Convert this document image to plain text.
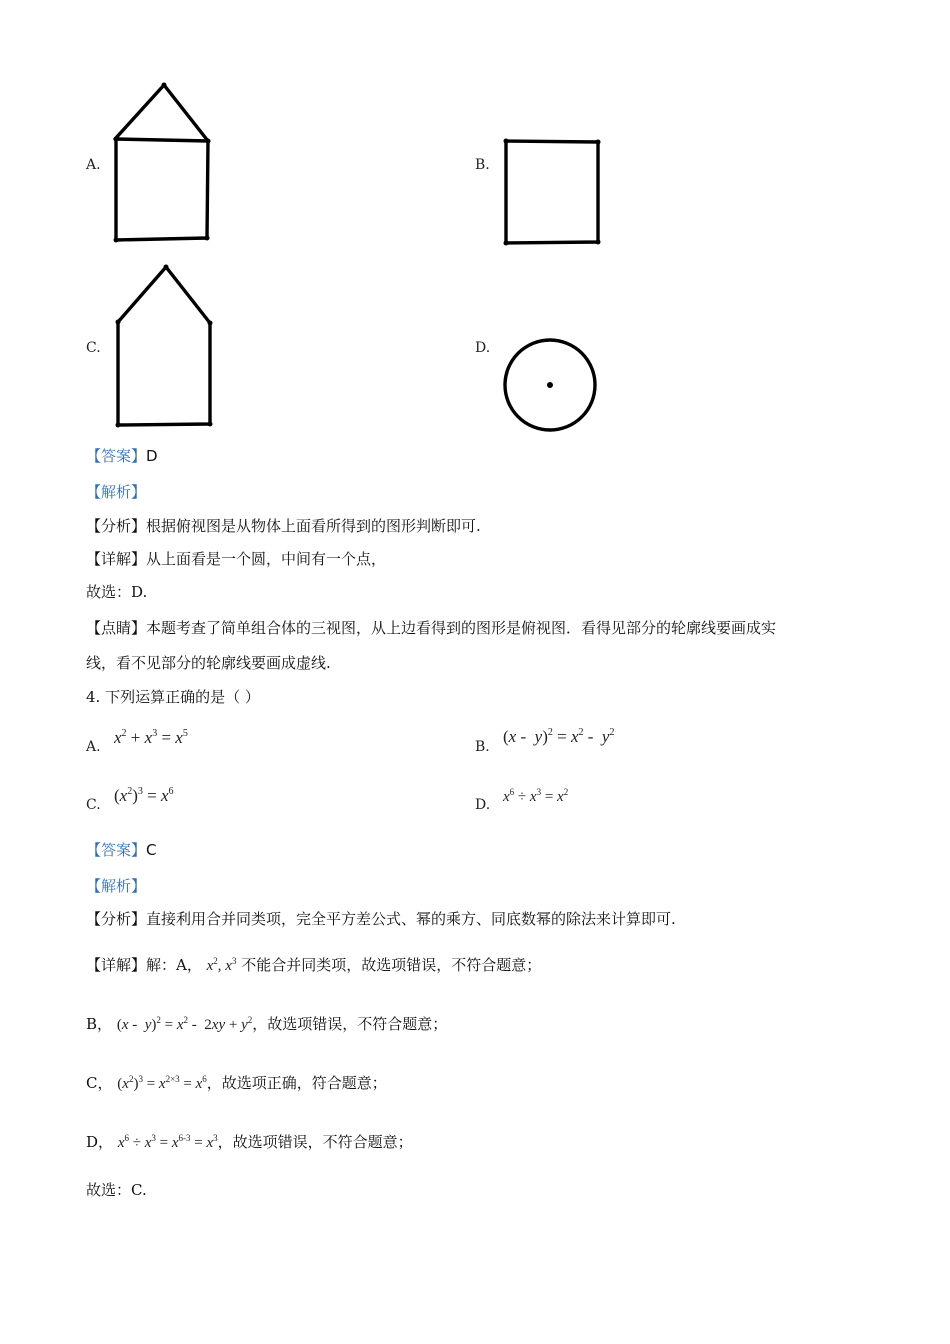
A.	B.
C.	D.
【答案】D
【解析】
【分析】根据俯视图是从物体上面看所得到的图形判断即可.
【详解】从上面看是一个圆，中间有一个点，
故选：D.
【点睛】本题考查了简单组合体的三视图，从上边看得到的图形是俯视图．看得见部分的轮廓线要画成实
线，看不见部分的轮廓线要画成虚线.
4. 下列运算正确的是（ ）
A. $x^2 + x^3 = x^5$
B.
$(x - y)^2 = x^2 - y^2$
C. $(x^2)^3 = x^6$
D. $x^6 \div x^3 = x^2$
【答案】C
【解析】
【分析】直接利用合并同类项，完全平方差公式、幂的乘方、同底数幂的除法来计算即可.
【详解】解：A， $x^2$, $x^3$ 不能合并同类项，故选项错误，不符合题意；
B， $(x - y)^2 = x^2 - 2xy + y^2$，故选项错误，不符合题意；
C， $(x^2)^3 = x^{2\times 3} = x^6$，故选项正确，符合题意；
D， $x^6 \div x^3 = x^{6-3} = x^3$，故选项错误，不符合题意；
故选：C.
